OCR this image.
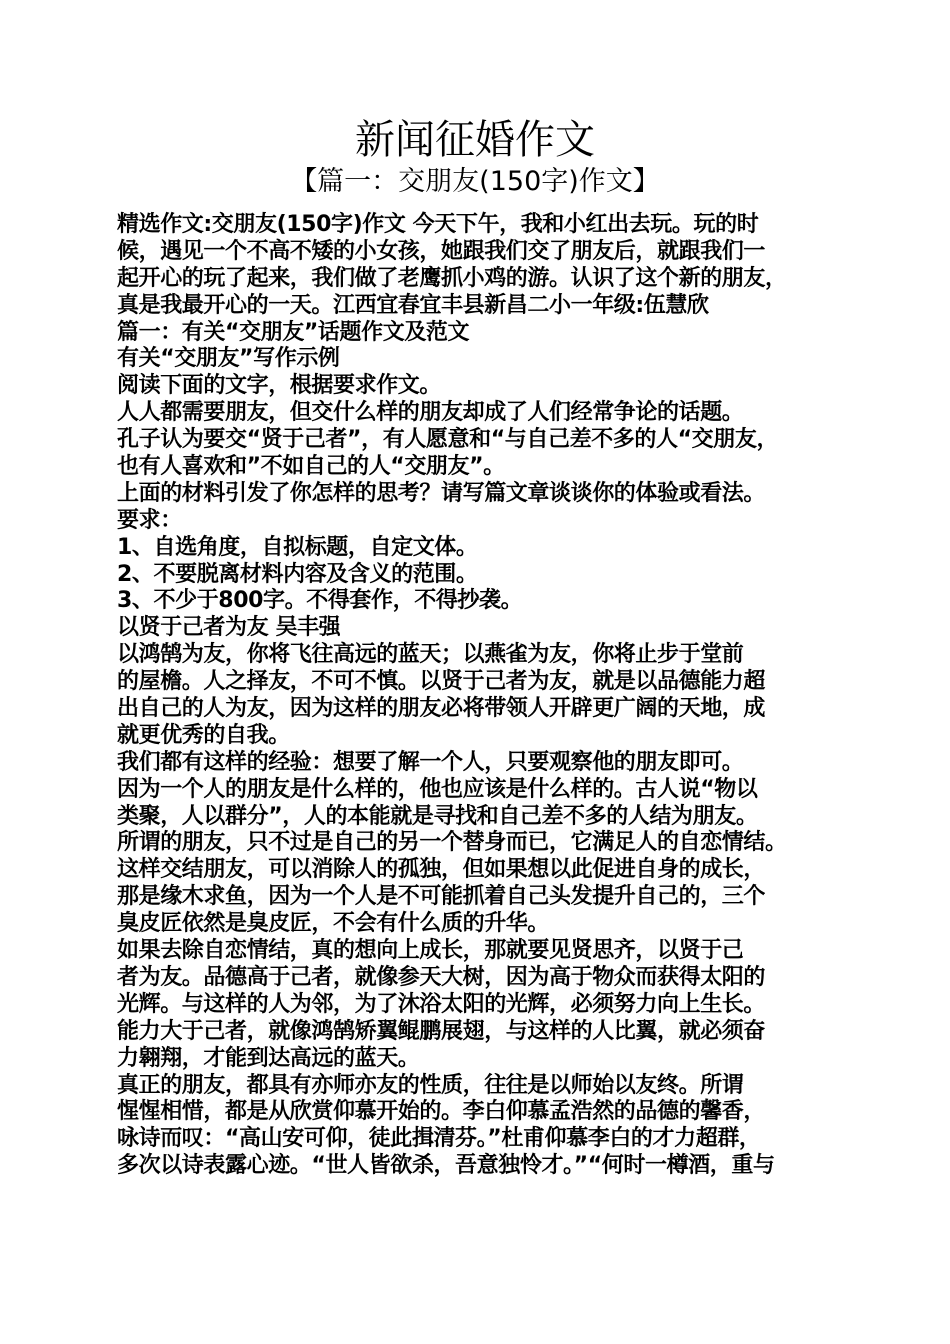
新闻征婚作文
【篇一：交朋友(150字)作文】
精选作文:交朋友(150字)作文 今天下午，我和小红出去玩。玩的时
候，遇见一个不高不矮的小女孩，她跟我们交了朋友后，就跟我们一
起开心的玩了起来，我们做了老鹰抓小鸡的游。认识了这个新的朋友，
真是我最开心的一天。江西宜春宜丰县新昌二小一年级:伍慧欣
篇一：有关“交朋友”话题作文及范文
有关“交朋友”写作示例
阅读下面的文字，根据要求作文。
人人都需要朋友，但交什么样的朋友却成了人们经常争论的话题。
孔子认为要交“贤于己者”，有人愿意和“与自己差不多的人“交朋友，
也有人喜欢和”不如自己的人“交朋友”。
上面的材料引发了你怎样的思考？请写篇文章谈谈你的体验或看法。
要求：
1、自选角度，自拟标题，自定文体。
2、不要脱离材料内容及含义的范围。
3、不少于800字。不得套作，不得抄袭。
以贤于己者为友 吴丰强
以鸿鹄为友，你将飞往高远的蓝天；以燕雀为友，你将止步于堂前
的屋檐。人之择友，不可不慎。以贤于己者为友，就是以品德能力超
出自己的人为友，因为这样的朋友必将带领人开辟更广阔的天地，成
就更优秀的自我。
我们都有这样的经验：想要了解一个人，只要观察他的朋友即可。
因为一个人的朋友是什么样的，他也应该是什么样的。古人说“物以
类聚，人以群分”，人的本能就是寻找和自己差不多的人结为朋友。
所谓的朋友，只不过是自己的另一个替身而已，它满足人的自恋情结。
这样交结朋友，可以消除人的孤独，但如果想以此促进自身的成长，
那是缘木求鱼，因为一个人是不可能抓着自己头发提升自己的，三个
臭皮匠依然是臭皮匠，不会有什么质的升华。
如果去除自恋情结，真的想向上成长，那就要见贤思齐，以贤于己
者为友。品德高于己者，就像参天大树，因为高于物众而获得太阳的
光辉。与这样的人为邻，为了沐浴太阳的光辉，必须努力向上生长。
能力大于己者，就像鸿鹄矫翼鲲鹏展翅，与这样的人比翼，就必须奋
力翱翔，才能到达高远的蓝天。
真正的朋友，都具有亦师亦友的性质，往往是以师始以友终。所谓
惺惺相惜，都是从欣赏仰慕开始的。李白仰慕孟浩然的品德的馨香，
咏诗而叹：“高山安可仰，徒此揖清芬。”杜甫仰慕李白的才力超群，
多次以诗表露心迹。“世人皆欲杀，吾意独怜才。”“何时一樽酒，重与
